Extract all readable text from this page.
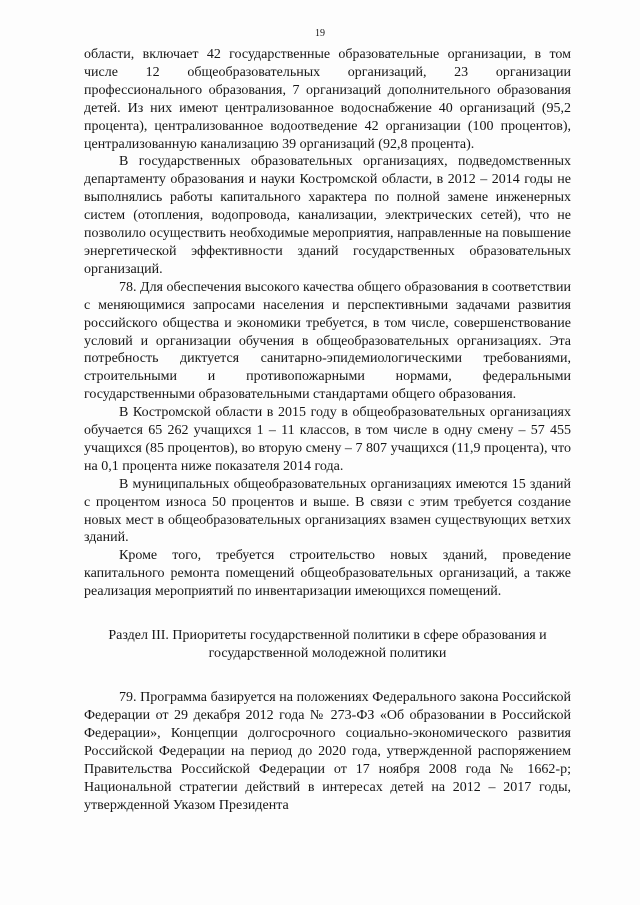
19

области, включает 42 государственные образовательные организации, в том числе 12 общеобразовательных организаций, 23 организации профессионального образования, 7 организаций дополнительного образования детей. Из них имеют централизованное водоснабжение 40 организаций (95,2 процента), централизованное водоотведение 42 организации (100 процентов), централизованную канализацию 39 организаций (92,8 процента).

В государственных образовательных организациях, подведомственных департаменту образования и науки Костромской области, в 2012 – 2014 годы не выполнялись работы капитального характера по полной замене инженерных систем (отопления, водопровода, канализации, электрических сетей), что не позволило осуществить необходимые мероприятия, направленные на повышение энергетической эффективности зданий государственных образовательных организаций.

78. Для обеспечения высокого качества общего образования в соответствии с меняющимися запросами населения и перспективными задачами развития российского общества и экономики требуется, в том числе, совершенствование условий и организации обучения в общеобразовательных организациях. Эта потребность диктуется санитарно-эпидемиологическими требованиями, строительными и противопожарными нормами, федеральными государственными образовательными стандартами общего образования.

В Костромской области в 2015 году в общеобразовательных организациях обучается 65 262 учащихся 1 – 11 классов, в том числе в одну смену – 57 455 учащихся (85 процентов), во вторую смену – 7 807 учащихся (11,9 процента), что на 0,1 процента ниже показателя 2014 года.

В муниципальных общеобразовательных организациях имеются 15 зданий с процентом износа 50 процентов и выше. В связи с этим требуется создание новых мест в общеобразовательных организациях взамен существующих ветхих зданий.

Кроме того, требуется строительство новых зданий, проведение капитального ремонта помещений общеобразовательных организаций, а также реализация мероприятий по инвентаризации имеющихся помещений.

Раздел III. Приоритеты государственной политики в сфере образования и
государственной молодежной политики

79. Программа базируется на положениях Федерального закона Российской Федерации от 29 декабря 2012 года № 273-ФЗ «Об образовании в Российской Федерации», Концепции долгосрочного социально-экономического развития Российской Федерации на период до 2020 года, утвержденной распоряжением Правительства Российской Федерации от 17 ноября 2008 года № 1662-р; Национальной стратегии действий в интересах детей на 2012 – 2017 годы, утвержденной Указом Президента
